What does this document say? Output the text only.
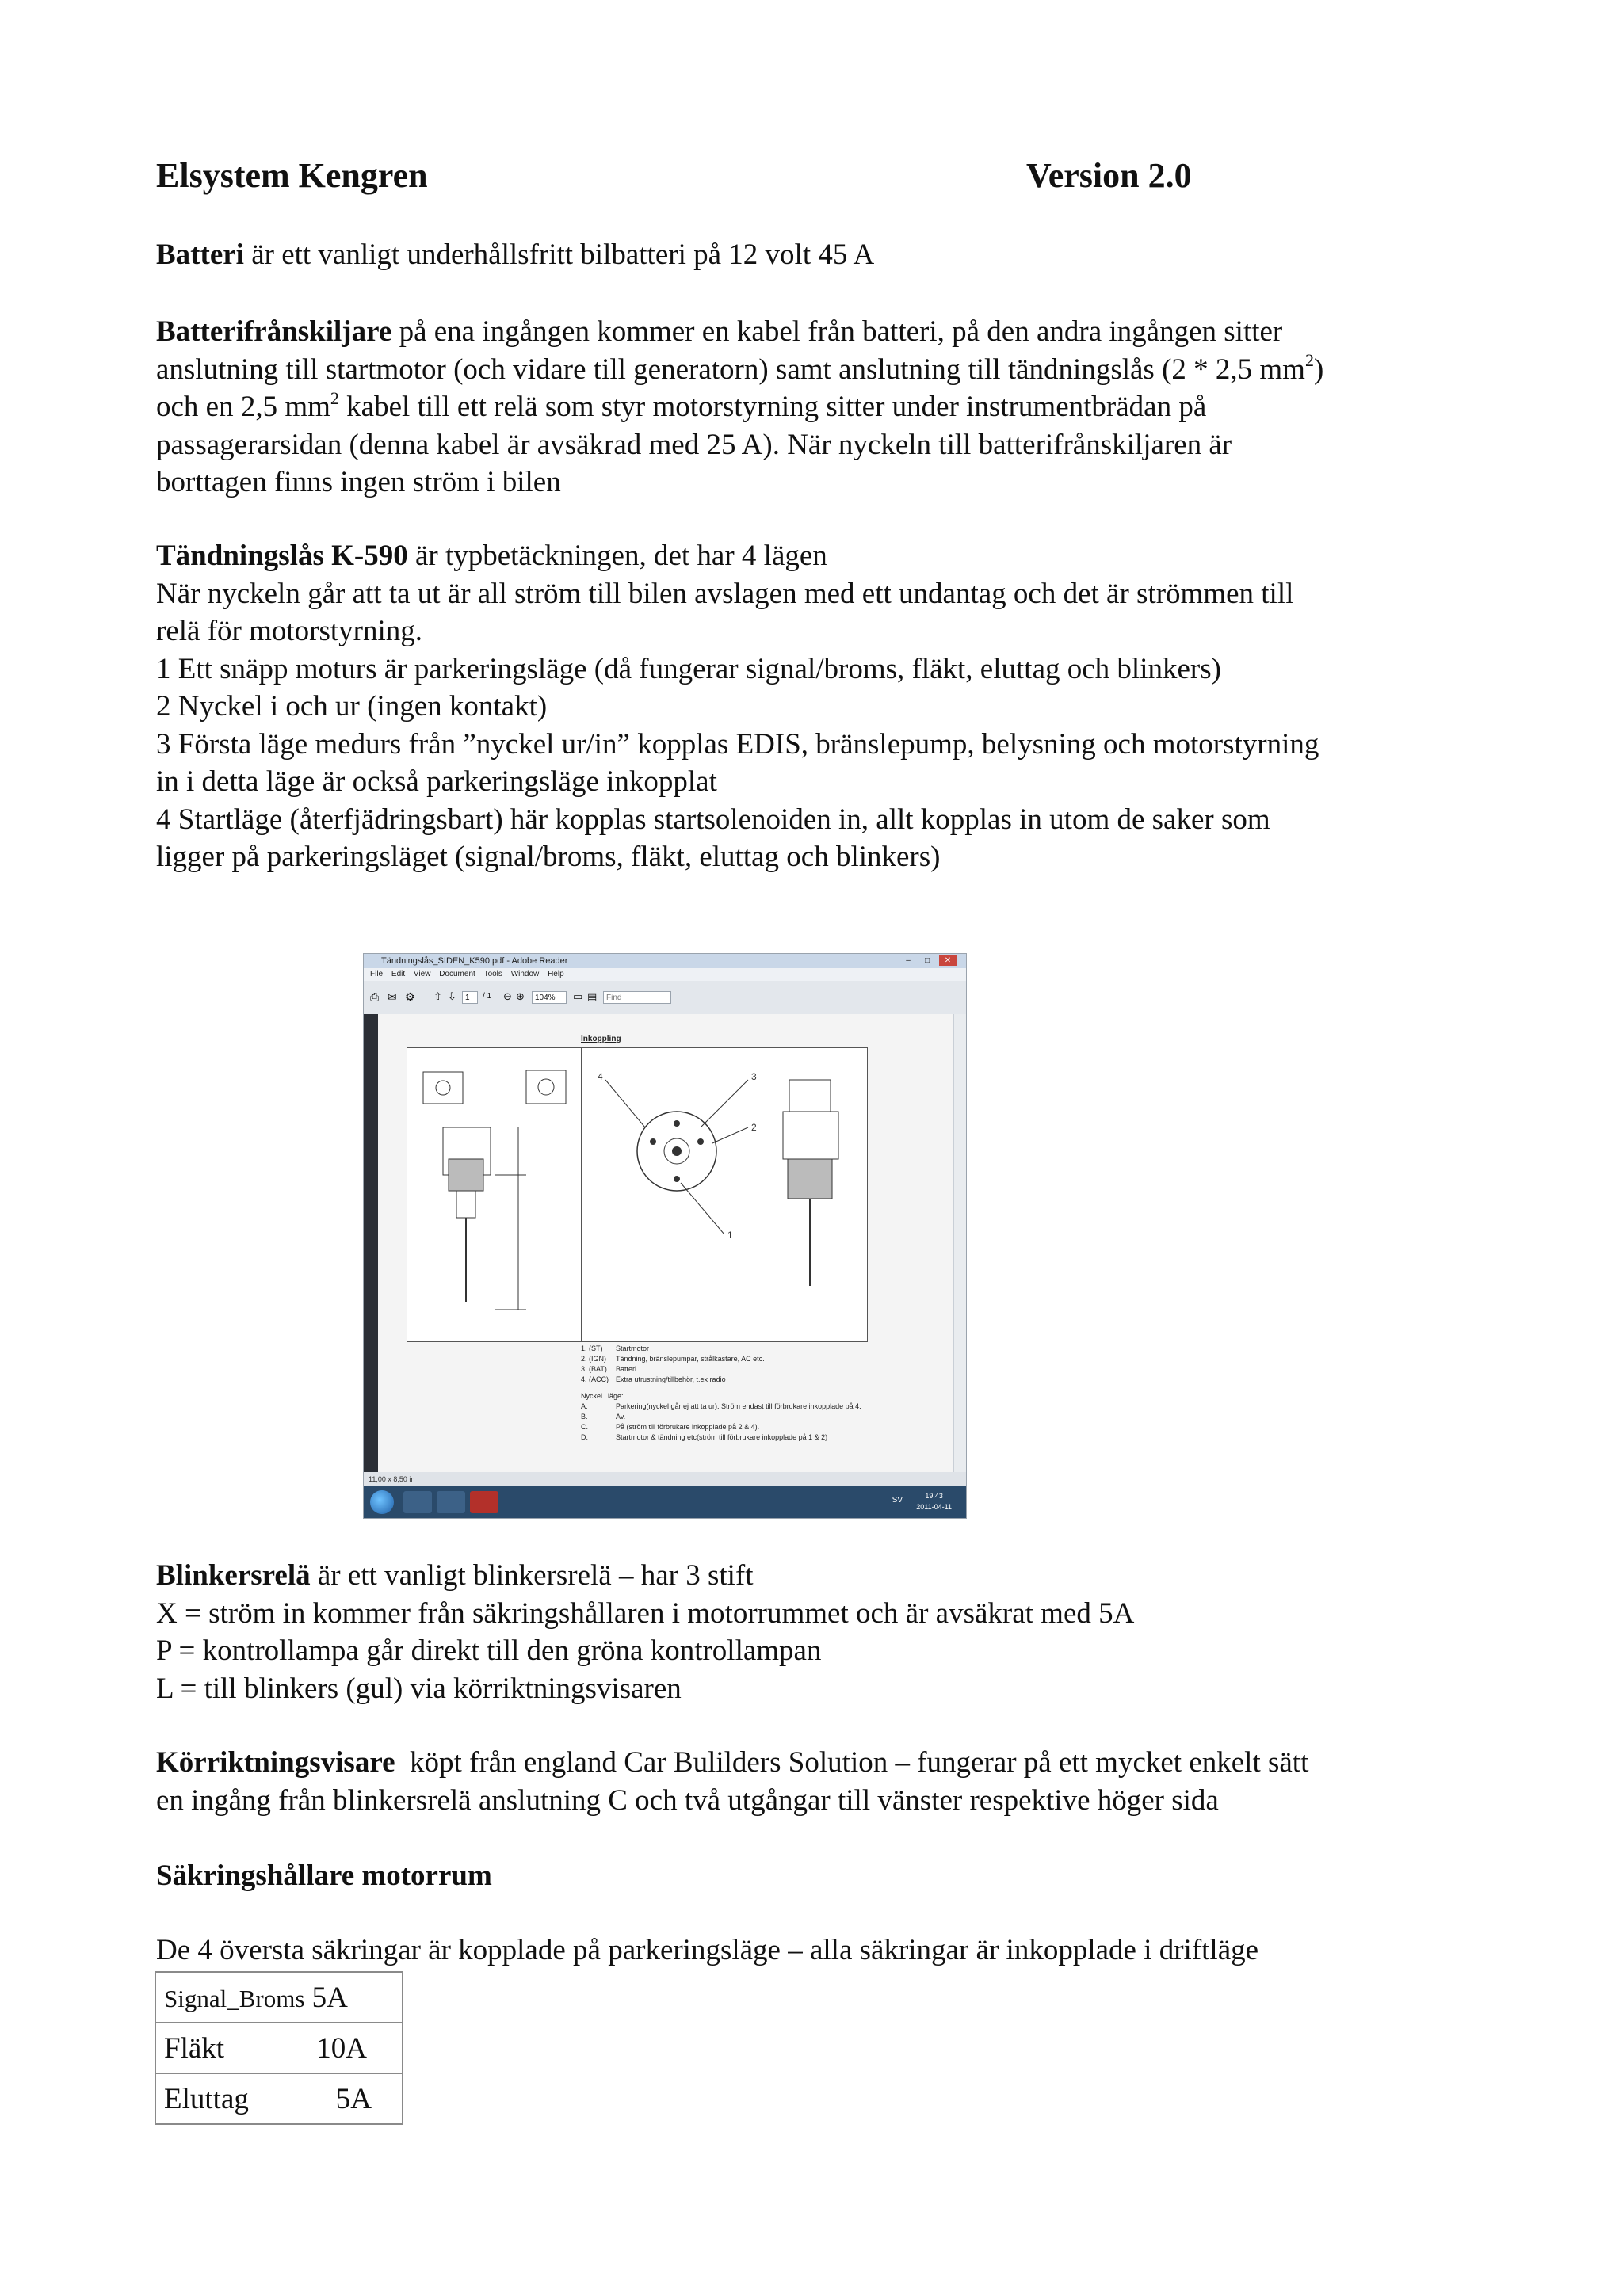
Elsystem Kengren	Version 2.0
Batteri är ett vanligt underhållsfritt bilbatteri på 12 volt 45 A
Batterifrånskiljare på ena ingången kommer en kabel från batteri, på den andra ingången sitter
anslutning till startmotor (och vidare till generatorn) samt anslutning till tändningslås (2 * 2,5 $mm^2$)
och en 2,5 $mm^2$ kabel till ett relä som styr motorstyrning sitter under instrumentbrädan på
passagerarsidan (denna kabel är avsäkrad med 25 A). När nyckeln till batterifrånskiljaren är
borttagen finns ingen ström i bilen
Tändningslås K-590 är typbetäckningen, det har 4 lägen
När nyckeln går att ta ut är all ström till bilen avslagen med ett undantag och det är strömmen till
relä för motorstyrning.
1 Ett snäpp moturs är parkeringsläge (då fungerar signal/broms, fläkt, eluttag och blinkers)
2 Nyckel i och ur (ingen kontakt)
3 Första läge medurs från ”nyckel ur/in” kopplas EDIS, bränslepump, belysning och motorstyrning
in i detta läge är också parkeringsläge inkopplat
4 Startläge (återfjädringsbart) här kopplas startsolenoiden in, allt kopplas in utom de saker som
ligger på parkeringsläget (signal/broms, fläkt, eluttag och blinkers)
Tändningslås_SIDEN_K590.pdf - Adobe Reader	–	□	✕
File Edit View Document Tools Window Help
⎙ ✉ ⚙ ⇧ ⇩	1	/ 1 ⊖ ⊕	104%	▭ ▤	Find
Inkoppling
4	3
2
1
1. (ST) Startmotor
2. (IGN) Tändning, bränslepumpar, strålkastare, AC etc.
3. (BAT) Batteri
4. (ACC) Extra utrustning/tillbehör, t.ex radio
Nyckel i läge:
A.	Parkering(nyckel går ej att ta ur). Ström endast till förbrukare inkopplade på 4.
B.	Av.
C.	På (ström till förbrukare inkopplade på 2 & 4).
D.	Startmotor & tändning etc(ström till förbrukare inkopplade på 1 & 2)
11,00 x 8,50 in
SV	19:43
2011-04-11
Blinkersrelä är ett vanligt blinkersrelä – har 3 stift
X = ström in kommer från säkringshållaren i motorrummet och är avsäkrat med 5A
P = kontrollampa går direkt till den gröna kontrollampan
L = till blinkers (gul) via körriktningsvisaren
Körriktningsvisare köpt från england Car Bulilders Solution – fungerar på ett mycket enkelt sätt
en ingång från blinkersrelä anslutning C och två utgångar till vänster respektive höger sida
Säkringshållare motorrum
De 4 översta säkringar är kopplade på parkeringsläge – alla säkringar är inkopplade i driftläge
Signal_Broms 5A
Fläkt	10A

Eluttag	5A
